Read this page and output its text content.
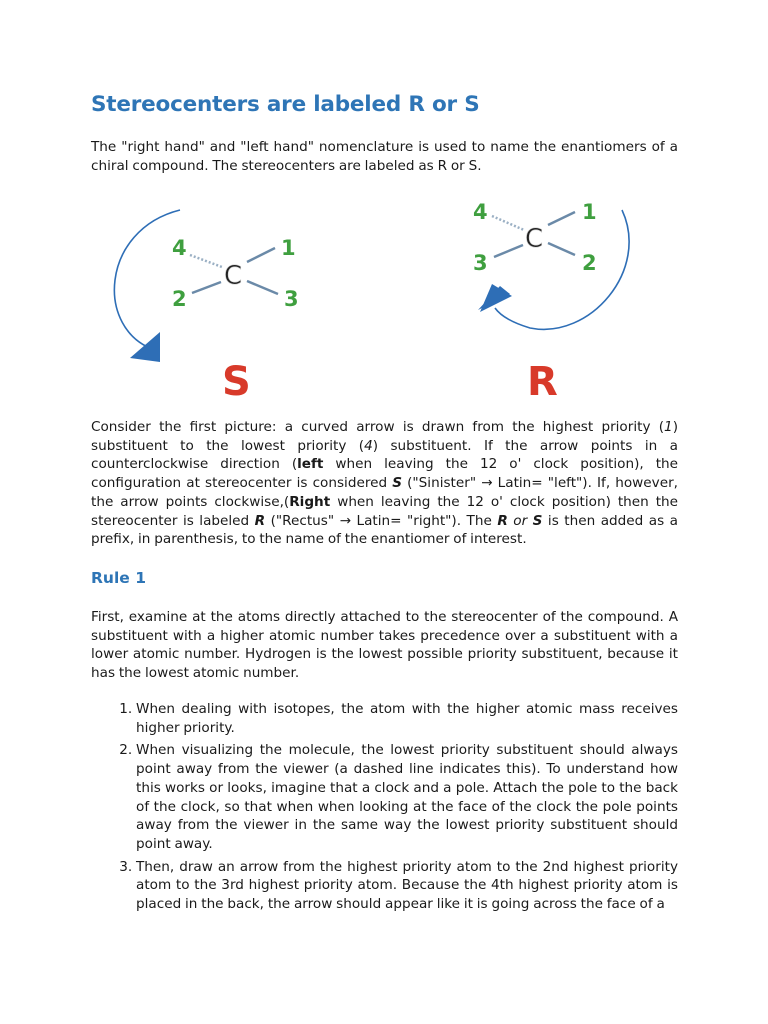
C
4	1
2	3
S
C
4	1
3	2
R
Stereocenters are labeled R or S

The "right hand" and "left hand" nomenclature is used to name the enantiomers of a chiral compound. The stereocenters are labeled as R or S.

Consider the first picture: a curved arrow is drawn from the highest priority (1) substituent to the lowest priority (4) substituent. If the arrow points in a counterclockwise direction (left when leaving the 12 o' clock position), the configuration at stereocenter is considered S ("Sinister" → Latin= "left"). If, however, the arrow points clockwise,(Right when leaving the 12 o' clock position) then the stereocenter is labeled R ("Rectus" → Latin= "right"). The R or S is then added as a prefix, in parenthesis, to the name of the enantiomer of interest.

Rule 1

First, examine at the atoms directly attached to the stereocenter of the compound. A substituent with a higher atomic number takes precedence over a substituent with a lower atomic number. Hydrogen is the lowest possible priority substituent, because it has the lowest atomic number.

1. When dealing with isotopes, the atom with the higher atomic mass receives higher priority.
2. When visualizing the molecule, the lowest priority substituent should always point away from the viewer (a dashed line indicates this). To understand how this works or looks, imagine that a clock and a pole. Attach the pole to the back of the clock, so that when when looking at the face of the clock the pole points away from the viewer in the same way the lowest priority substituent should point away.
3. Then, draw an arrow from the highest priority atom to the 2nd highest priority atom to the 3rd highest priority atom. Because the 4th highest priority atom is placed in the back, the arrow should appear like it is going across the face of a
